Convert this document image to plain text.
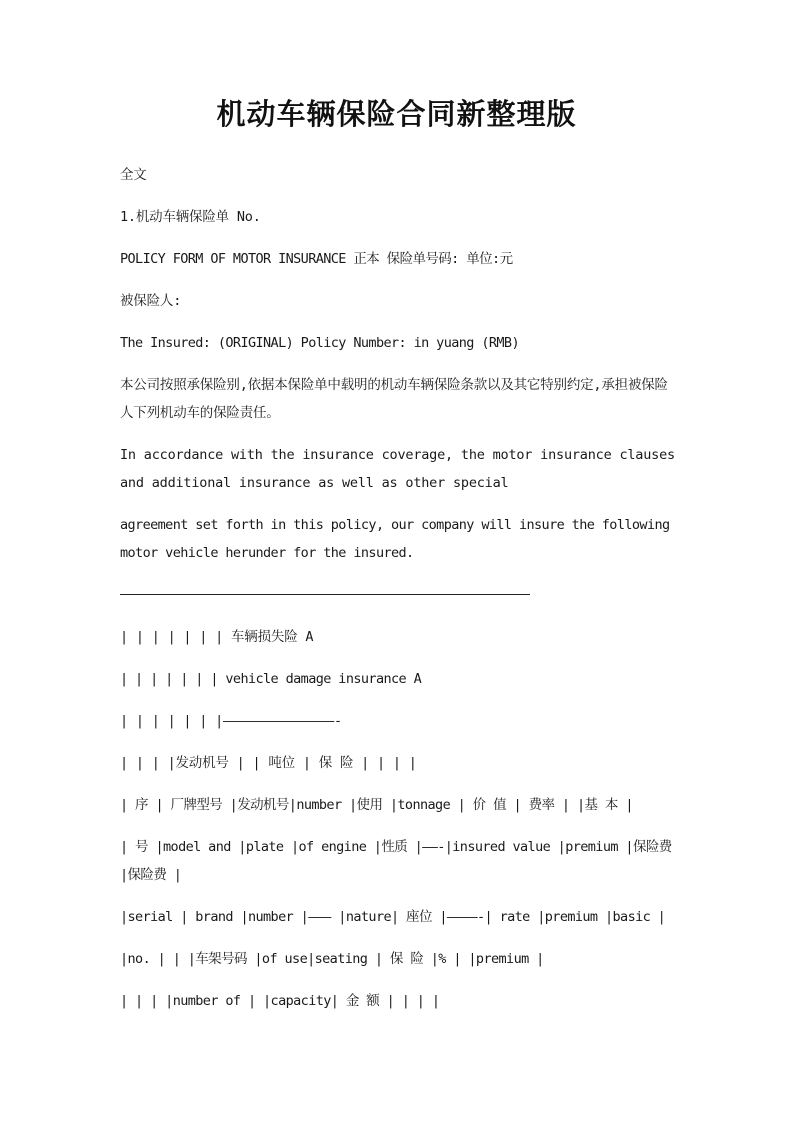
机动车辆保险合同新整理版

全文

1.机动车辆保险单 No.

POLICY FORM OF MOTOR INSURANCE 正本 保险单号码: 单位:元

被保险人:

The Insured: (ORIGINAL) Policy Number: in yuang (RMB)

本公司按照承保险别,依据本保险单中载明的机动车辆保险条款以及其它特别约定,承担被保险人下列机动车的保险责任。

In accordance with the insurance coverage, the motor insurance clauses and additional insurance as well as other special

agreement set forth in this policy, our company will insure the following motor vehicle herunder for the insured.

| | | | | | | 车辆损失险 A

| | | | | | | vehicle damage insurance A

| | | | | | |——————————————-

| | | |发动机号 | | 吨位 | 保 险 | | | |

| 序 | 厂牌型号 |发动机号|number |使用 |tonnage | 价 值 | 费率 | |基 本 |

| 号 |model and |plate |of engine |性质 |——-|insured value |premium |保险费 |保险费 |

|serial | brand |number |——— |nature| 座位 |————-| rate |premium |basic |

|no. | | |车架号码 |of use|seating | 保 险 |% | |premium |

| | | |number of | |capacity| 金 额 | | | |
